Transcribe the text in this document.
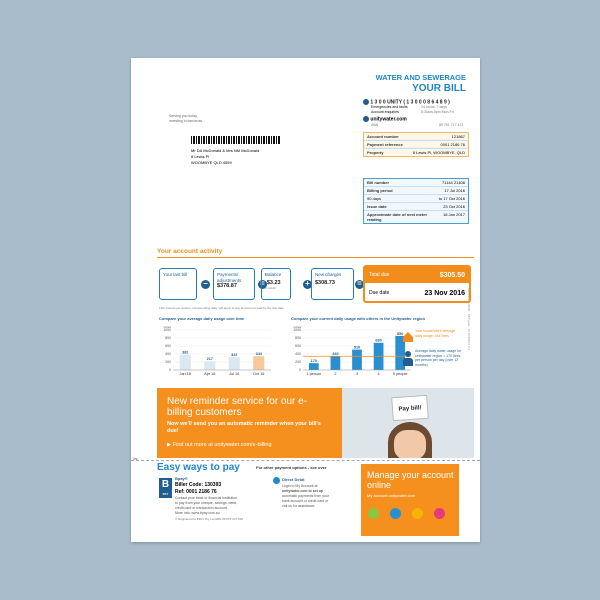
WATER AND SEWERAGE
YOUR BILL
1 3 0 0 UNITY ( 1 3 0 0 0 8 6 4 8 9 )
Emergencies and faults	24 hours, 7 days
Account enquiries	8:30am-5pm Mon-Fri
unitywater.com
ABN	89 791 717 472
Serving you today,
investing in tomorrow.
Mr DA McDonald & Mrs NM McDonald
8 Lewis Pl
WOOMBYE QLD 4559
Account number	121867
Payment reference	0001 2186 76
Property	8 Lewis Pl, WOOMBYE, QLD
Bill number	71144 21408
Billing period	17 Jul 2016
90 days	to 17 Oct 2016
Issue date	23 Oct 2016
Approximate date of next meter reading
18 Jan 2017
Manual/001/0002 - BillType2 - 01.01/Bill/16-6.4
Your account activity
Your last bill
−
Payments/ adjustments
$378.87	=
Balance
-$3.23
in credit	+
New charges
$308.73	=
Total due	$305.50
Due date	23 Nov 2016
11% interest per annum, compounding daily, will apply to any amount not paid by the due date.
Compare your average daily usage over time	Compare your current daily usage with others in the Unitywater region
Litres
0
200
400
600
800
1000
382
Jan 16
217
Apr 16
322
Jul 16
344
Oct 16
Litres
0
200
400
600
800
1000
170
1 person
340
2
510
3
680
4
850
5 people
Your household's average daily usage: 344 litres
Average daily water usage for Unitywater region = 170 litres per person per day (over 12 months)
New reminder service for our e-billing customers
Now we'll send you an automatic reminder when your bill's due!
▶ Find out more at unitywater.com/e-billing
Pay bill!
✂
Easy ways to pay	For other payment options - see over
B
PAY
Bpay®
Biller Code: 130393
Ref: 0001 2186 76
Contact your bank or financial institution
to pay from your cheque, savings, debit,
credit card or transaction account.
More info: www.bpay.com.au
® Registered to BPAY Pty Ltd ABN 69 079 137 518
Direct Debit
Login to My Account at
unitywater.com to set up
automatic payments from your
bank account or credit card or
call us for assistance.
Manage your account online
My account.unitywater.com
